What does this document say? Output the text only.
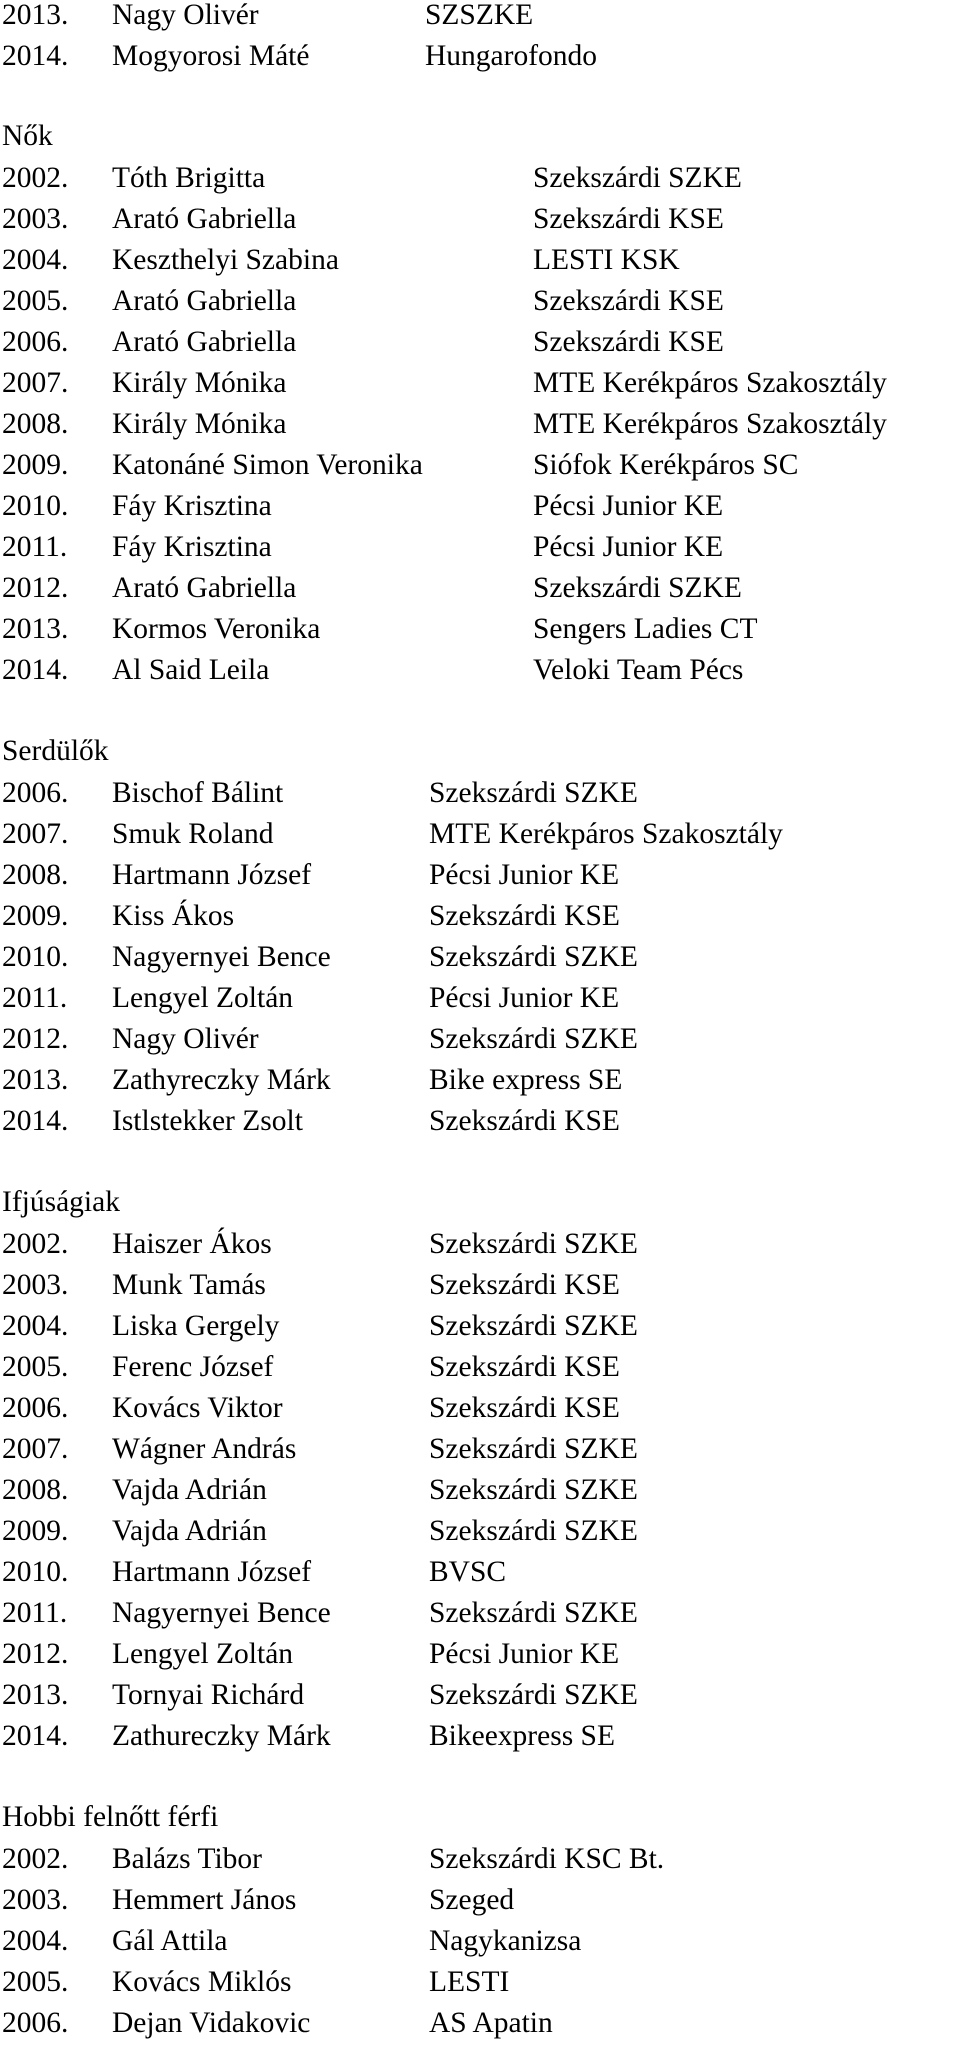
2013. Nagy Olivér	SZSZKE
2014. Mogyorosi Máté	Hungarofondo
Nők
2002. Tóth Brigitta	Szekszárdi SZKE
2003. Arató Gabriella	Szekszárdi KSE
2004. Keszthelyi Szabina	LESTI KSK
2005. Arató Gabriella	Szekszárdi KSE
2006. Arató Gabriella	Szekszárdi KSE
2007. Király Mónika	MTE Kerékpáros Szakosztály
2008. Király Mónika	MTE Kerékpáros Szakosztály
2009. Katonáné Simon Veronika	Siófok Kerékpáros SC
2010. Fáy Krisztina	Pécsi Junior KE
2011. Fáy Krisztina	Pécsi Junior KE
2012. Arató Gabriella	Szekszárdi SZKE
2013. Kormos Veronika	Sengers Ladies CT
2014. Al Said Leila	Veloki Team Pécs
Serdülők
2006. Bischof Bálint	Szekszárdi SZKE
2007. Smuk Roland	MTE Kerékpáros Szakosztály
2008. Hartmann József	Pécsi Junior KE
2009. Kiss Ákos	Szekszárdi KSE
2010. Nagyernyei Bence	Szekszárdi SZKE
2011. Lengyel Zoltán	Pécsi Junior KE
2012. Nagy Olivér	Szekszárdi SZKE
2013. Zathyreczky Márk	Bike express SE
2014. Istlstekker Zsolt	Szekszárdi KSE
Ifjúságiak
2002. Haiszer Ákos	Szekszárdi SZKE
2003. Munk Tamás	Szekszárdi KSE
2004. Liska Gergely	Szekszárdi SZKE
2005. Ferenc József	Szekszárdi KSE
2006. Kovács Viktor	Szekszárdi KSE
2007. Wágner András	Szekszárdi SZKE
2008. Vajda Adrián	Szekszárdi SZKE
2009. Vajda Adrián	Szekszárdi SZKE
2010. Hartmann József	BVSC
2011. Nagyernyei Bence	Szekszárdi SZKE
2012. Lengyel Zoltán	Pécsi Junior KE
2013. Tornyai Richárd	Szekszárdi SZKE
2014. Zathureczky Márk	Bikeexpress SE
Hobbi felnőtt férfi
2002. Balázs Tibor	Szekszárdi KSC Bt.
2003. Hemmert János	Szeged
2004. Gál Attila	Nagykanizsa
2005. Kovács Miklós	LESTI
2006. Dejan Vidakovic	AS Apatin
